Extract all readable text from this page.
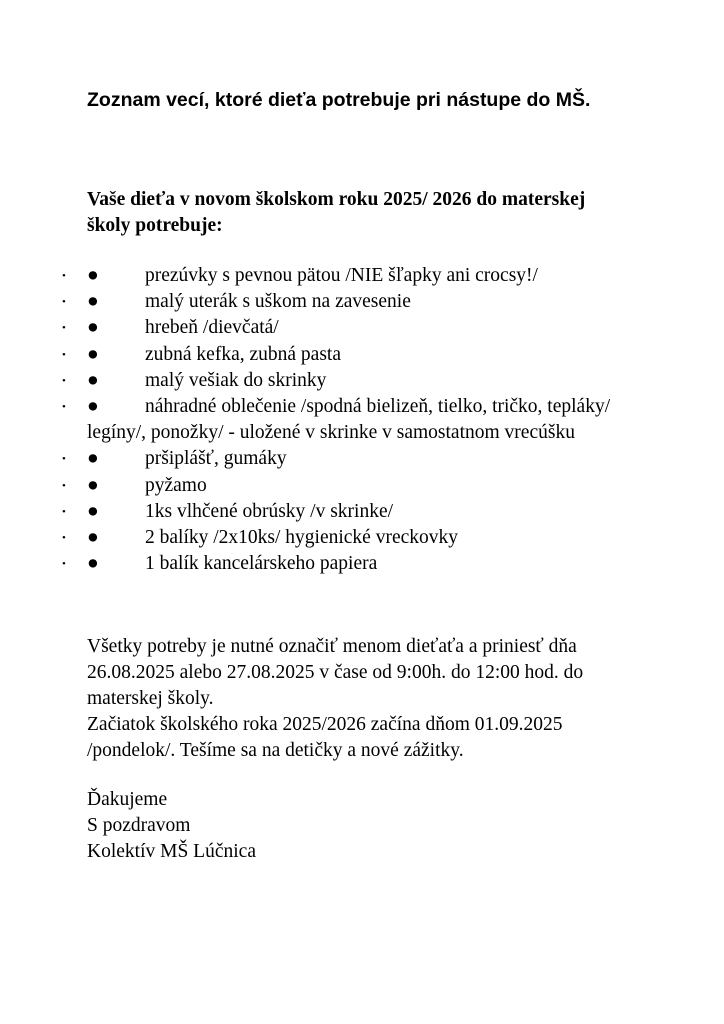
Zoznam vecí, ktoré dieťa potrebuje pri nástupe do MŠ.
Vaše dieťa v novom školskom roku 2025/ 2026 do materskej školy potrebuje:
• ● prezúvky s pevnou pätou /NIE šľapky ani crocsy!/
• ● malý uterák s uškom na zavesenie
• ● hrebeň /dievčatá/
• ● zubná kefka, zubná pasta
• ● malý vešiak do skrinky
• ● náhradné oblečenie /spodná bielizeň, tielko, tričko, tepláky/ legíny/, ponožky/ - uložené v skrinke v samostatnom vrecúšku
• ● pršiplášť, gumáky
• ● pyžamo
• ● 1ks vlhčené obrúsky /v skrinke/
• ● 2 balíky /2x10ks/ hygienické vreckovky
• ● 1 balík kancelárskeho papiera

Všetky potreby je nutné označiť menom dieťaťa a priniesť dňa 26.08.2025 alebo 27.08.2025 v čase od 9:00h. do 12:00 hod. do materskej školy.

Začiatok školského roka 2025/2026 začína dňom 01.09.2025 /pondelok/. Tešíme sa na detičky a nové zážitky.

Ďakujeme
S pozdravom
Kolektív MŠ Lúčnica
